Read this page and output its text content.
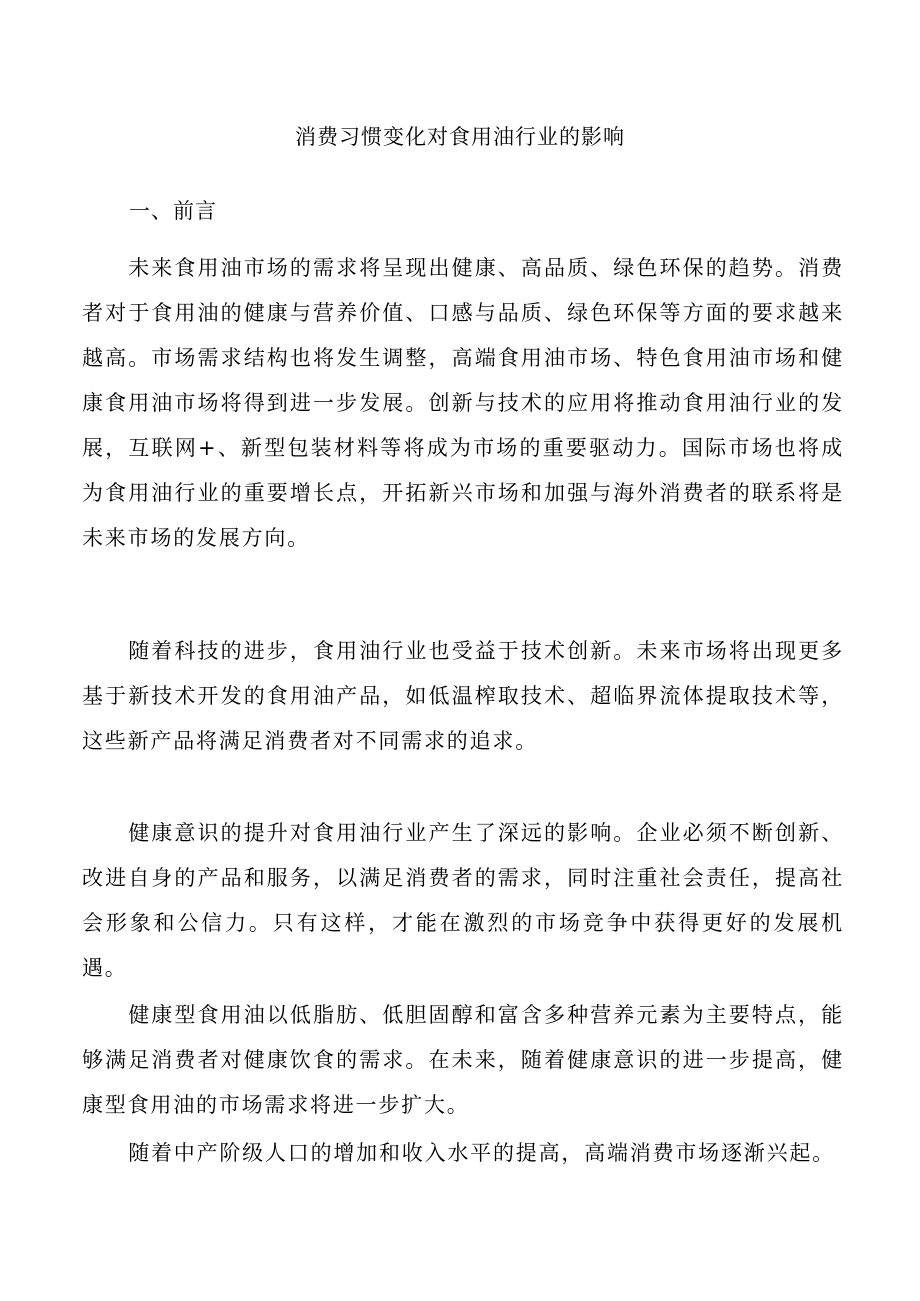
消费习惯变化对食用油行业的影响
一、前言

未来食用油市场的需求将呈现出健康、高品质、绿色环保的趋势。消费者对于食用油的健康与营养价值、口感与品质、绿色环保等方面的要求越来越高。市场需求结构也将发生调整，高端食用油市场、特色食用油市场和健康食用油市场将得到进一步发展。创新与技术的应用将推动食用油行业的发展，互联网+、新型包装材料等将成为市场的重要驱动力。国际市场也将成为食用油行业的重要增长点，开拓新兴市场和加强与海外消费者的联系将是未来市场的发展方向。

随着科技的进步，食用油行业也受益于技术创新。未来市场将出现更多基于新技术开发的食用油产品，如低温榨取技术、超临界流体提取技术等，这些新产品将满足消费者对不同需求的追求。

健康意识的提升对食用油行业产生了深远的影响。企业必须不断创新、改进自身的产品和服务，以满足消费者的需求，同时注重社会责任，提高社会形象和公信力。只有这样，才能在激烈的市场竞争中获得更好的发展机遇。

健康型食用油以低脂肪、低胆固醇和富含多种营养元素为主要特点，能够满足消费者对健康饮食的需求。在未来，随着健康意识的进一步提高，健康型食用油的市场需求将进一步扩大。

随着中产阶级人口的增加和收入水平的提高，高端消费市场逐渐兴起。
